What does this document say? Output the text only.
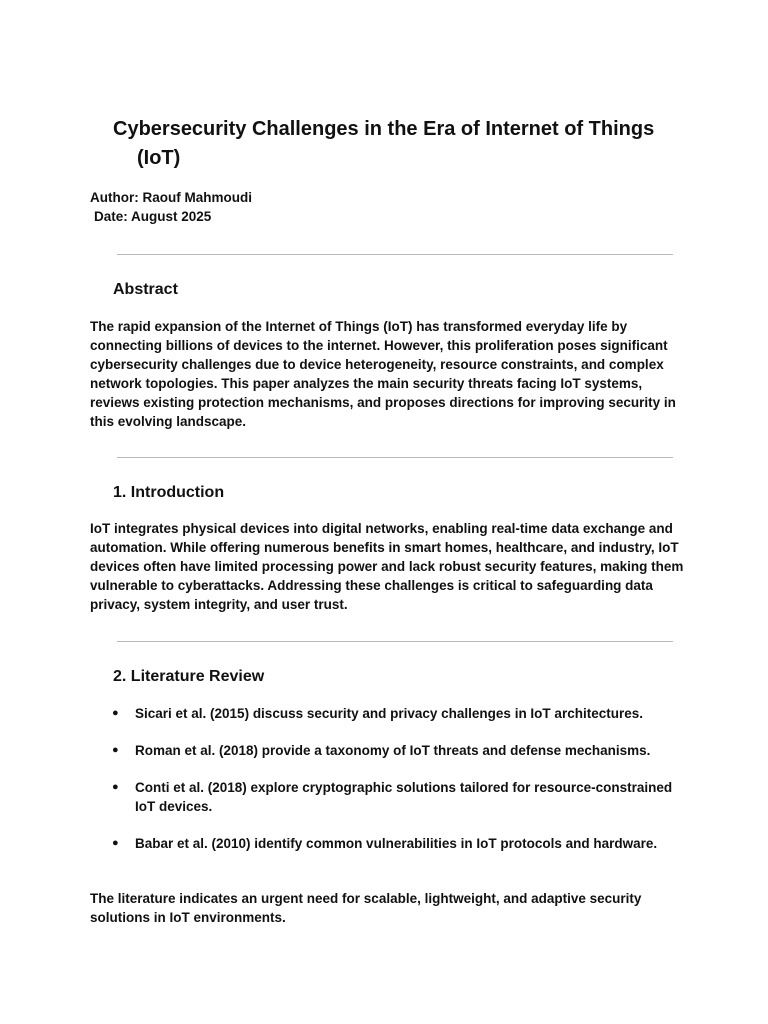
Cybersecurity Challenges in the Era of Internet of Things (IoT)
Author: Raouf Mahmoudi
Date: August 2025
Abstract

The rapid expansion of the Internet of Things (IoT) has transformed everyday life by connecting billions of devices to the internet. However, this proliferation poses significant cybersecurity challenges due to device heterogeneity, resource constraints, and complex network topologies. This paper analyzes the main security threats facing IoT systems, reviews existing protection mechanisms, and proposes directions for improving security in this evolving landscape.

1. Introduction

IoT integrates physical devices into digital networks, enabling real-time data exchange and automation. While offering numerous benefits in smart homes, healthcare, and industry, IoT devices often have limited processing power and lack robust security features, making them vulnerable to cyberattacks. Addressing these challenges is critical to safeguarding data privacy, system integrity, and user trust.

2. Literature Review
● Sicari et al. (2015) discuss security and privacy challenges in IoT architectures.
● Roman et al. (2018) provide a taxonomy of IoT threats and defense mechanisms.
● Conti et al. (2018) explore cryptographic solutions tailored for resource-constrained IoT devices.
● Babar et al. (2010) identify common vulnerabilities in IoT protocols and hardware.

The literature indicates an urgent need for scalable, lightweight, and adaptive security solutions in IoT environments.
